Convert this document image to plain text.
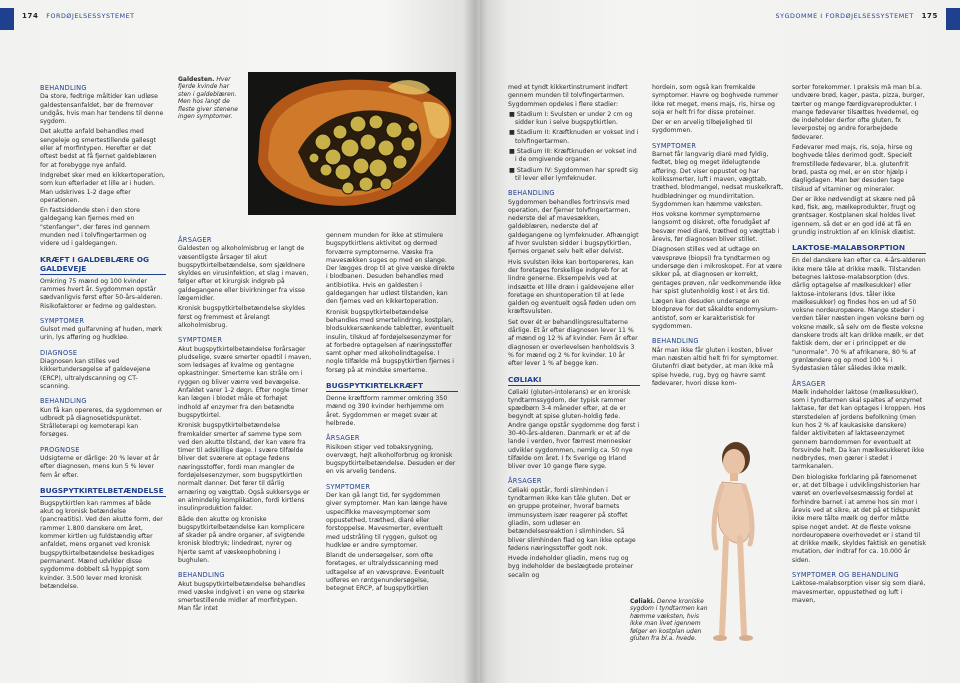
174 FORDØJELSESSYSTEMET
BEHANDLING

Da store, fedtrige måltider kan udløse galdestensanfaldet, bør de fremover undgås, hvis man har tendens til denne sygdom.

Det akutte anfald behandles med sengeleje og smertestillende gallesgt eller af morfintypen. Herefter er det oftest bedst at få fjernet galdeblæren for at forebygge nye anfald.

Indgrebet sker med en kikkertoperation, som kun efterlader et lille ar i huden. Man udskrives 1-2 dage efter operationen.

En fastsiddende sten i den store galdegang kan fjernes med en "stenfanger", der føres ind gennem munden ned i tolvfingertarmen og videre ud i galdegangen.

KRÆFT I GALDEBLÆRE OG GALDEVEJE

Omkring 75 mænd og 100 kvinder rammes hvert år. Sygdommen opstår sædvanligvis først efter 50-års-alderen. Risikofaktorer er fedme og galdesten.

SYMPTOMER

Gulsot med gulfarvning af huden, mørk urin, lys afføring og hudkløe.

DIAGNOSE

Diagnosen kan stilles ved kikkertundersøgelse af galdevejene (ERCP), ultralydscanning og CT-scanning.

BEHANDLING

Kun få kan opereres, da sygdommen er udbredt på diagnosetidspunktet. Strålleterapi og kemoterapi kan forsøges.

PROGNOSE

Udsigterne er dårlige: 20 % lever et år efter diagnosen, mens kun 5 % lever fem år efter.

BUGSPYTKIRTELBETÆNDELSE

Bugspytkirtlen kan rammes af både akut og kronisk betændelse (pancreatitis). Ved den akutte form, der rammer 1.800 danskere om året, kommer kirtlen ug fuldstændig efter anfaldet, mens organet ved kronisk bugspytkirtelbetændelse beskadiges permanent. Mænd udvikler disse sygdomme dobbelt så hyppigt som kvinder. 3.500 lever med kronisk betændelse.

Galdesten. Hver fjerde kvinde har sten i galdeblæren. Men hos langt de fleste giver stenene ingen symptomer.
ÅRSAGER

Galdesten og alkoholmisbrug er langt de væsentligste årsager til akut bugspytkirtelbetændelse, som sjældnere skyldes en virusinfektion, et slag i maven, følger efter et kirurgisk indgreb på galdegangene eller bivirkninger fra visse lægemidler.

Kronisk bugspytkirtelbetændelse skyldes først og fremmest et årelangt alkoholmisbrug.

SYMPTOMER

Akut bugspytkirtelbetændelse forårsager pludselige, svære smerter opadtil i maven, som ledsages af kvalme og gentagne opkastninger. Smerterne kan stråle om i ryggen og bliver værre ved bevægelse. Anfaldet varer 1-2 døgn. Efter nogle timer kan lægen i blodet måle et forhøjet indhold af enzymer fra den betændte bugspytkirtel.

Kronisk bugspytkirtelbetændelse fremkalder smerter af samme type som ved den akutte tilstand, der kan være fra timer til adskillige dage. I svære tilfælde bliver det sværere at optage fødens næringsstoffer, fordi man mangler de fordøjelsesenzymer, som bugspytkirtlen normalt danner. Det fører til dårlig ernæring og vægttab. Også sukkersyge er en almindelig komplikation, fordi kirtlens insulinproduktion falder.

Både den akutte og kroniske bugspytkirtelbetændelse kan komplicere af skader på andre organer, af svigtende kronisk blodtryk; lindedræt, nyrer og hjerte samt af væskeophobning i bughulen.

BEHANDLING

Akut bugspytkirtelbetændelse behandles med væske indgivet i en vene og stærke smertestillende midler af morfintypen. Man får intet

gennem munden for ikke at stimulere bugspytkirtlens aktivitet og dermed forværre symptomerne. Væske fra mavesækken suges op med en slange. Der lægges drop til at give væske direkte i blodbanen. Desuden behandles med antibiotika. Hvis en galdesten i galdegangen har udløst tilstanden, kan den fjernes ved en kikkertoperation.

Kronisk bugspytkirtelbetændelse behandles med smertelindring, kostplan, blodsukkersænkende tabletter, eventuelt insulin, tilskud af fordøjelsesenzymer for at forbedre optagelsen af næringsstoffer samt ophør med alkoholindtagelse. I nogle tilfælde må bugspytkirtlen fjernes i forsøg på at mindske smerterne.

BUGSPYTKIRTELKRÆFT

Denne kræftform rammer omkring 350 mænd og 390 kvinder herhjemme om året. Sygdommen er meget svær at helbrede.

ÅRSAGER

Risikoen stiger ved tobaksrygning, overvægt, højt alkoholforbrug og kronisk bugspytkirtelbetændelse. Desuden er der en vis arvelig tendens.

SYMPTOMER

Der kan gå langt tid, før sygdommen giver symptomer. Man kan længe have uspecifikke mavesymptomer som oppustethed, træthed, diaré eller forstoppelse. Mavesmerter, eventuelt med udstråling til ryggen, gulsot og hudkløe er andre symptomer.

Blandt de undersøgelser, som ofte foretages, er ultralydsscanning med udtagelse af en vævsprøve. Eventuelt udføres en røntgenundersøgelse, betegnet ERCP, af bugspytkirtlen

SYGDOMME I FORDØJELSESSYSTEMET 175

med et tyndt kikkertinstrument indført gennem munden til tolvfingertarmen. Sygdommen opdeles i flere stadier:

■ Stadium I: Svulsten er under 2 cm og sidder kun i selve bugspytkirtlen.

■ Stadium II: Kræftknuden er vokset ind i tolvfingertarmen.

■ Stadium III: Kræftknuden er vokset ind i de omgivende organer.

■ Stadium IV: Sygdommen har spredt sig til lever eller lymfeknuder.

BEHANDLING

Sygdommen behandles fortrinsvis med operation, der fjerner tolvfingertarmen, nederste del af mavesækken, galdeblæren, nederste del af galdegangene og lymfeknuder. Afhængigt af hvor svulsten sidder i bugspytkirtlen, fjernes organet selv helt eller delvist.

Hvis svulsten ikke kan bortopereres, kan der foretages forskellige indgreb for at lindre generne. Eksempelvis ved at indsætte et lille dræn i galdevejene eller foretage en shuntoperation til at lede galden og eventuelt også føden uden om kræftsvulsten.

Set over ét er behandlingsresultaterne dårlige. Et år efter diagnosen lever 11 % af mænd og 12 % af kvinder. Fem år efter diagnosen er overlevelsen henholdsvis 3 % for mænd og 2 % for kvinder. 10 år efter lever 1 % af begge køn.

CØLIAKI

Cøliaki (gluten-intolerans) er en kronisk tyndtarmssygdom, der typisk rammer spædbørn 3-4 måneder efter, at de er begyndt at spise gluten-holdig føde. Andre gange opstår sygdomme dog først i 30-40-års-alderen. Danmark er et af de lande i verden, hvor færrest mennesker udvikler sygdommen, nemlig ca. 50 nye tilfælde om året. I fx Sverige og Irland bliver over 10 gange flere syge.

ÅRSAGER

Cøliaki opstår, fordi slimhinden i tyndtarmen ikke kan tåle gluten. Det er en gruppe proteiner, hvoraf barnets immunsystem især reagerer på stoffet gliadin, som udløser en betændelsesreaktion i slimhinden. Så bliver slimhinden flad og kan ikke optage fødens næringsstoffer godt nok.

Hvede indeholder gliadin, mens rug og byg indeholder de beslægtede proteiner secalin og

hordein, som også kan fremkalde symptomer. Havre og boghvede rummer ikke ret meget, mens majs, ris, hirse og soja er helt fri for disse proteiner.

Der er en arvelig tilbøjelighed til sygdommen.

SYMPTOMER

Barnet får langvarig diaré med fyldig, fedtet, bleg og meget ildelugtende afføring. Det viser oppustet og har kolikssmerter, luft i maven, vægttab, træthed, blodmangel, nedsat muskelkraft, hudblødninger og mundirritation. Sygdommen kan hæmme væksten.

Hos voksne kommer symptomerne langsomt og diskret, ofte forudgået af besvær med diaré, træthed og vægttab i årevis, før diagnosen bliver stillet.

Diagnosen stilles ved at udtage en vævsprøve (biopsi) fra tyndtarmen og undersøge den i mikroskopet. For at være sikker på, at diagnosen er korrekt, gentages prøven, når vedkommende ikke har spist glutenholdig kost i et års tid.

Lægen kan desuden undersøge en blodprøve for det såkaldte endomysium-antistof, som er karakteristisk for sygdommen.

BEHANDLING

Når man ikke får gluten i kosten, bliver man næsten altid helt fri for symptomer. Glutenfri diæt betyder, at man ikke må spise hvede, rug, byg og havre samt fødevarer, hvori disse kom-

Cøliaki. Denne kroniske sygdom i tyndtarmen kan hæmme væksten, hvis ikke man livet igennem følger en kostplan uden gluten fra bl.a. hvede.

sorter forekommer. I praksis må man bl.a. undvære brød, kager, pasta, pizza, burger, tærter og mange færdigvareprodukter. I mange fødevarer tilsættes hvedemel, og de indeholder derfor ofte gluten, fx leverpostej og andre forarbejdede fødevarer.

Fødevarer med majs, ris, soja, hirse og boghvede tåles derimod godt. Specielt fremstillede fødevarer, bl.a. glutenfrit brød, pasta og mel, er en stor hjælp i dagligdagen. Man bør desuden tage tilskud af vitaminer og mineraler.

Der er ikke nødvendigt at skære ned på kød, fisk, æg, mælkeprodukter, frugt og grøntsager. Kostplanen skal holdes livet igennem, så det er en god idé at få en grundig instruktion af en klinisk diætist.

LAKTOSE-MALABSORPTION

En del danskere kan efter ca. 4-års-alderen ikke mere tåle at drikke mælk. Tilstanden betegnes laktose-malabsorption (dvs. dårlig optagelse af mælkesukker) eller laktose-intolerans (dvs. tåler ikke mælkesukker) og findes hos en ud af 50 voksne nordeuropæere. Mange steder i verden tåler næsten ingen voksne børn og voksne mælk, så selv om de fleste voksne danskere trods alt kan drikke mælk, er det faktisk dem, der er i princippet er de "unormale". 70 % af afrikanere, 80 % af grønlændere og op mod 100 % i Sydøstasien tåler således ikke mælk.

ÅRSAGER

Mælk indeholder laktose (mælkesukker), som i tyndtarmen skal spaltes af enzymet laktase, før det kan optages i kroppen. Hos størstedelen af jordens befolkning (men kun hos 2 % af kaukasiske danskere) falder aktiviteten af laktaseenzymet gennem barndommen for eventuelt at forsvinde helt. Da kan mælkesukkeret ikke nedbrydes, men gærer i stedet i tarmkanalen.

Den biologiske forklaring på fænomenet er, at det tilbage i udviklingshistorien har været en overlevelsesmæssig fordel at forhindre barnet i at amme hos sin mor i årevis ved at sikre, at det på et tidspunkt ikke mere tålte mælk og derfor måtte spise noget andet. At de fleste voksne nordeuropæere overhovedet er i stand til at drikke mælk, skyldes faktisk en genetisk mutation, der indtraf for ca. 10.000 år siden.

SYMPTOMER OG BEHANDLING

Laktose-malabsorption viser sig som diaré, mavesmerter, oppustethed og luft i maven,
